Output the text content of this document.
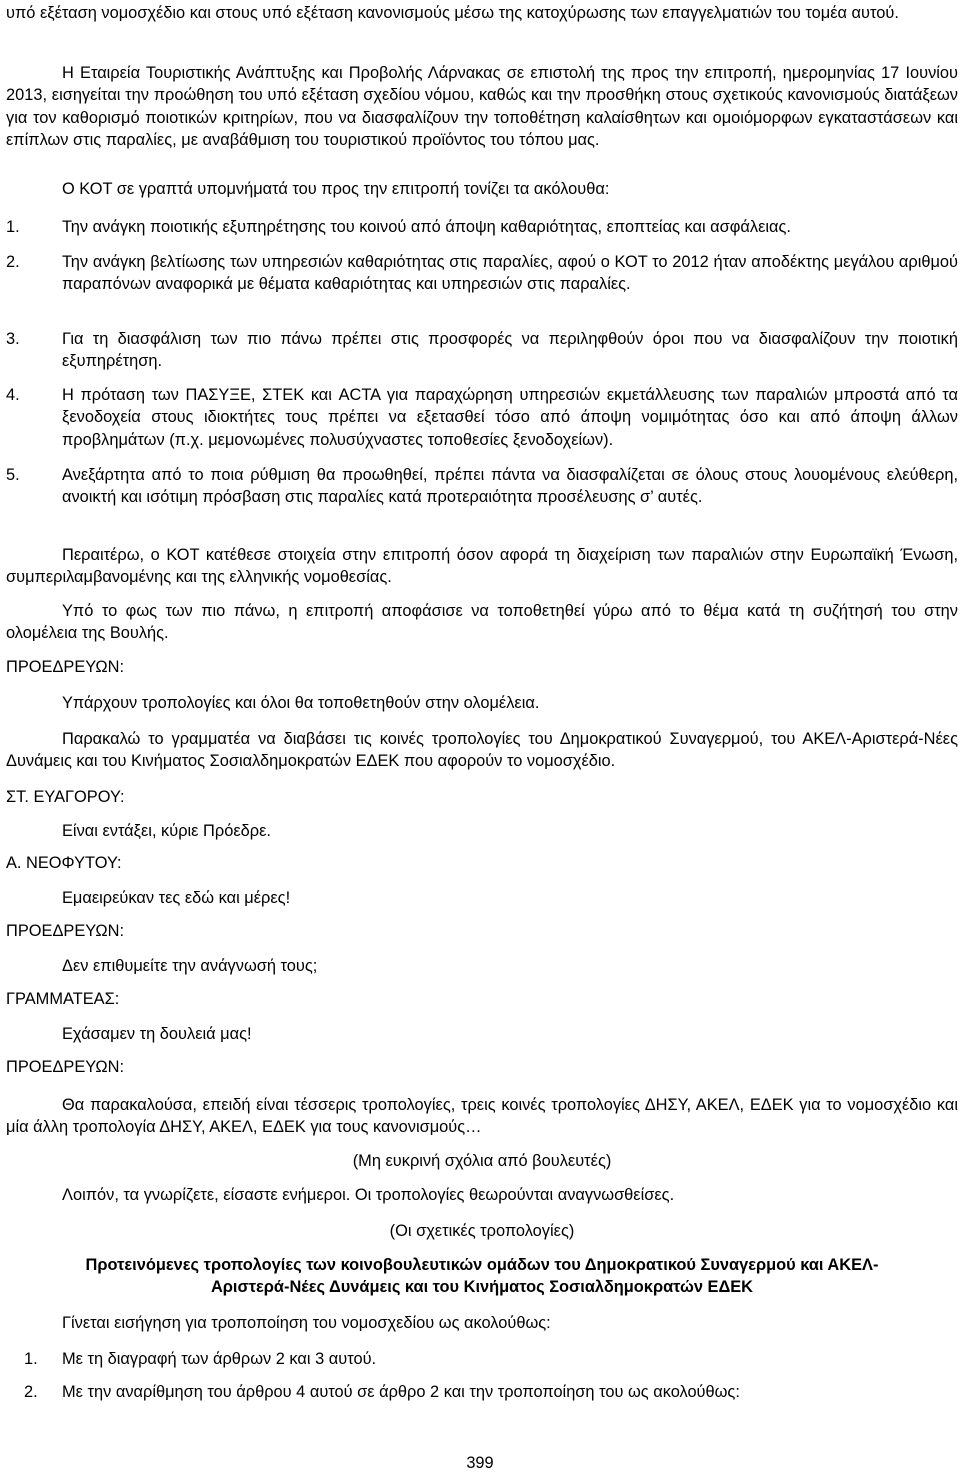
υπό εξέταση νομοσχέδιο και στους υπό εξέταση κανονισμούς μέσω της κατοχύρωσης των επαγγελματιών του τομέα αυτού.

Η Εταιρεία Τουριστικής Ανάπτυξης και Προβολής Λάρνακας σε επιστολή της προς την επιτροπή, ημερομηνίας 17 Ιουνίου 2013, εισηγείται την προώθηση του υπό εξέταση σχεδίου νόμου, καθώς και την προσθήκη στους σχετικούς κανονισμούς διατάξεων για τον καθορισμό ποιοτικών κριτηρίων, που να διασφαλίζουν την τοποθέτηση καλαίσθητων και ομοιόμορφων εγκαταστάσεων και επίπλων στις παραλίες, με αναβάθμιση του τουριστικού προϊόντος του τόπου μας.

Ο ΚΟΤ σε γραπτά υπομνήματά του προς την επιτροπή τονίζει τα ακόλουθα:

1.	Την ανάγκη ποιοτικής εξυπηρέτησης του κοινού από άποψη καθαριότητας, εποπτείας και ασφάλειας.
2.	Την ανάγκη βελτίωσης των υπηρεσιών καθαριότητας στις παραλίες, αφού ο ΚΟΤ το 2012 ήταν αποδέκτης μεγάλου αριθμού παραπόνων αναφορικά με θέματα καθαριότητας και υπηρεσιών στις παραλίες.
3.	Για τη διασφάλιση των πιο πάνω πρέπει στις προσφορές να περιληφθούν όροι που να διασφαλίζουν την ποιοτική εξυπηρέτηση.
4.	Η πρόταση των ΠΑΣΥΞΕ, ΣΤΕΚ και ACTA για παραχώρηση υπηρεσιών εκμετάλλευσης των παραλιών μπροστά από τα ξενοδοχεία στους ιδιοκτήτες τους πρέπει να εξετασθεί τόσο από άποψη νομιμότητας όσο και από άποψη άλλων προβλημάτων (π.χ. μεμονωμένες πολυσύχναστες τοποθεσίες ξενοδοχείων).
5.	Ανεξάρτητα από το ποια ρύθμιση θα προωθηθεί, πρέπει πάντα να διασφαλίζεται σε όλους στους λουομένους ελεύθερη, ανοικτή και ισότιμη πρόσβαση στις παραλίες κατά προτεραιότητα προσέλευσης σ’ αυτές.

Περαιτέρω, ο ΚΟΤ κατέθεσε στοιχεία στην επιτροπή όσον αφορά τη διαχείριση των παραλιών στην Ευρωπαϊκή Ένωση, συμπεριλαμβανομένης και της ελληνικής νομοθεσίας.

Υπό το φως των πιο πάνω, η επιτροπή αποφάσισε να τοποθετηθεί γύρω από το θέμα κατά τη συζήτησή του στην ολομέλεια της Βουλής.

ΠΡΟΕΔΡΕΥΩΝ:

Υπάρχουν τροπολογίες και όλοι θα τοποθετηθούν στην ολομέλεια.

Παρακαλώ το γραμματέα να διαβάσει τις κοινές τροπολογίες του Δημοκρατικού Συναγερμού, του ΑΚΕΛ-Αριστερά-Νέες Δυνάμεις και του Κινήματος Σοσιαλδημοκρατών ΕΔΕΚ που αφορούν το νομοσχέδιο.

ΣΤ. ΕΥΑΓΟΡΟΥ:

Είναι εντάξει, κύριε Πρόεδρε.

Α. ΝΕΟΦΥΤΟΥ:

Εμαειρεύκαν τες εδώ και μέρες!

ΠΡΟΕΔΡΕΥΩΝ:

Δεν επιθυμείτε την ανάγνωσή τους;

ΓΡΑΜΜΑΤΕΑΣ:

Εχάσαμεν τη δουλειά μας!

ΠΡΟΕΔΡΕΥΩΝ:

Θα παρακαλούσα, επειδή είναι τέσσερις τροπολογίες, τρεις κοινές τροπολογίες ΔΗΣΥ, ΑΚΕΛ, ΕΔΕΚ για το νομοσχέδιο και μία άλλη τροπολογία ΔΗΣΥ, ΑΚΕΛ, ΕΔΕΚ για τους κανονισμούς…

(Μη ευκρινή σχόλια από βουλευτές)

Λοιπόν, τα γνωρίζετε, είσαστε ενήμεροι. Οι τροπολογίες θεωρούνται αναγνωσθείσες.

(Οι σχετικές τροπολογίες)

Προτεινόμενες τροπολογίες των κοινοβουλευτικών ομάδων του Δημοκρατικού Συναγερμού και ΑΚΕΛ-
Αριστερά-Νέες Δυνάμεις και του Κινήματος Σοσιαλδημοκρατών ΕΔΕΚ

Γίνεται εισήγηση για τροποποίηση του νομοσχεδίου ως ακολούθως:

1. Με τη διαγραφή των άρθρων 2 και 3 αυτού.
2. Με την αναρίθμηση του άρθρου 4 αυτού σε άρθρο 2 και την τροποποίηση του ως ακολούθως:
399
